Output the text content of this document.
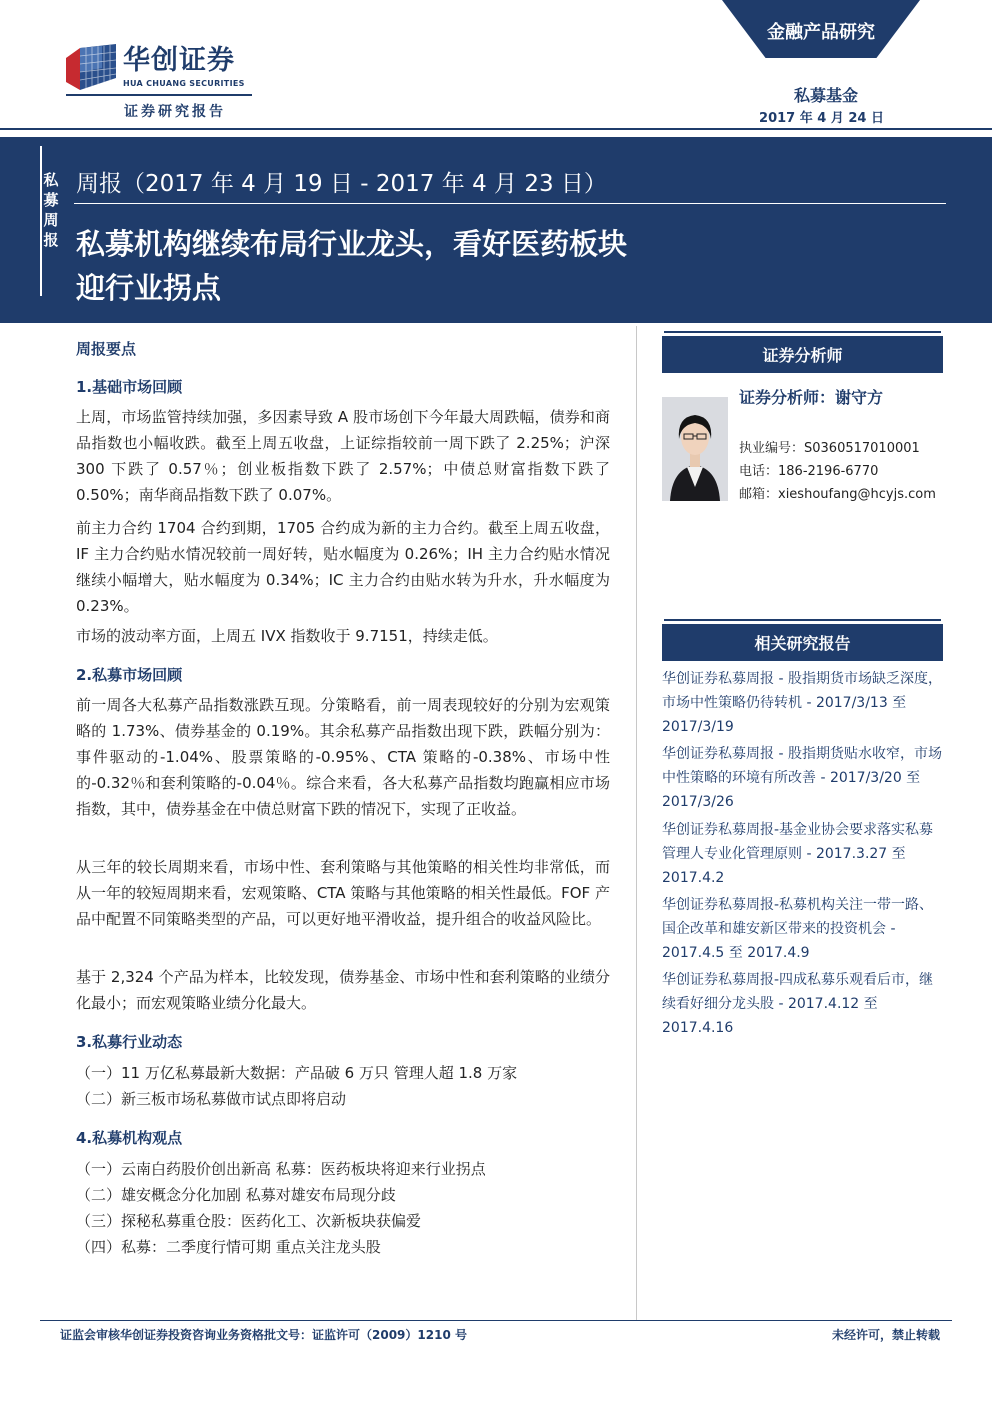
华创证券
HUA CHUANG SECURITIES
证券研究报告
金融产品研究
私募基金
2017 年 4 月 24 日
私募周报
周报（2017 年 4 月 19 日 - 2017 年 4 月 23 日）
私募机构继续布局行业龙头，看好医药板块迎行业拐点
周报要点
1.基础市场回顾
上周，市场监管持续加强，多因素导致 A 股市场创下今年最大周跌幅，债券和商品指数也小幅收跌。截至上周五收盘，上证综指较前一周下跌了 2.25%；沪深 300 下跌了 0.57％；创业板指数下跌了 2.57%；中债总财富指数下跌了 0.50%；南华商品指数下跌了 0.07%。
前主力合约 1704 合约到期，1705 合约成为新的主力合约。截至上周五收盘，IF 主力合约贴水情况较前一周好转，贴水幅度为 0.26%；IH 主力合约贴水情况继续小幅增大，贴水幅度为 0.34%；IC 主力合约由贴水转为升水，升水幅度为 0.23%。
市场的波动率方面，上周五 IVX 指数收于 9.7151，持续走低。
2.私募市场回顾
前一周各大私募产品指数涨跌互现。分策略看，前一周表现较好的分别为宏观策略的 1.73%、债券基金的 0.19%。其余私募产品指数出现下跌，跌幅分别为：事件驱动的-1.04%、股票策略的-0.95%、CTA 策略的-0.38%、市场中性的-0.32％和套利策略的-0.04％。综合来看，各大私募产品指数均跑赢相应市场指数，其中，债券基金在中债总财富下跌的情况下，实现了正收益。
从三年的较长周期来看，市场中性、套利策略与其他策略的相关性均非常低，而从一年的较短周期来看，宏观策略、CTA 策略与其他策略的相关性最低。FOF 产品中配置不同策略类型的产品，可以更好地平滑收益，提升组合的收益风险比。
基于 2,324 个产品为样本，比较发现，债券基金、市场中性和套利策略的业绩分化最小；而宏观策略业绩分化最大。
3.私募行业动态
（一）11 万亿私募最新大数据：产品破 6 万只 管理人超 1.8 万家
（二）新三板市场私募做市试点即将启动
4.私募机构观点
（一）云南白药股价创出新高 私募：医药板块将迎来行业拐点
（二）雄安概念分化加剧 私募对雄安布局现分歧
（三）探秘私募重仓股：医药化工、次新板块获偏爱
（四）私募：二季度行情可期 重点关注龙头股
证券分析师
证券分析师：谢守方
执业编号：S0360517010001
电话：186-2196-6770
邮箱：xieshoufang@hcyjs.com
相关研究报告
华创证券私募周报 - 股指期货市场缺乏深度，市场中性策略仍待转机 - 2017/3/13 至 2017/3/19
华创证券私募周报 - 股指期货贴水收窄，市场中性策略的环境有所改善 - 2017/3/20 至 2017/3/26
华创证券私募周报-基金业协会要求落实私募管理人专业化管理原则 - 2017.3.27 至 2017.4.2
华创证券私募周报-私募机构关注一带一路、国企改革和雄安新区带来的投资机会 - 2017.4.5 至 2017.4.9
华创证券私募周报-四成私募乐观看后市，继续看好细分龙头股 - 2017.4.12 至 2017.4.16
证监会审核华创证券投资咨询业务资格批文号：证监许可（2009）1210 号	未经许可，禁止转载
